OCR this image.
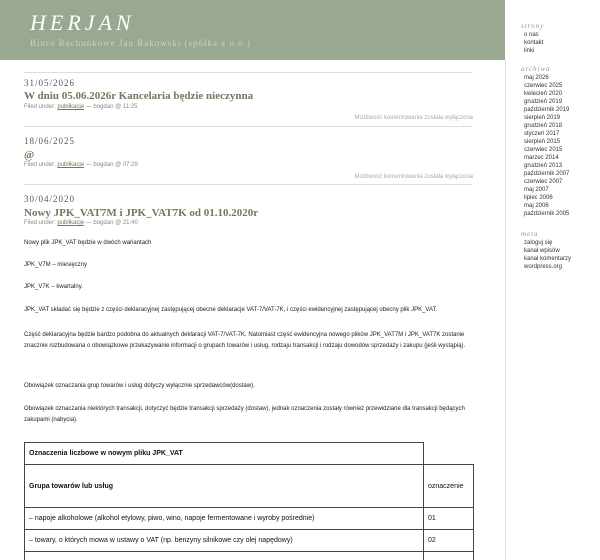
HERJAN
Biuro Rachunkowe Jan Rakowski (spółka z o.o.)
31/05/2026
W dniu 05.06.2026r Kancelaria będzie nieczynna
Filed under: publikacje — bogdan @ 11:25
Możliwość komentowania została wyłączona
18/06/2025
@
Filed under: publikacje — bogdan @ 07:29
Możliwość komentowania została wyłączona
30/04/2020
Nowy JPK_VAT7M i JPK_VAT7K od 01.10.2020r
Filed under: publikacje — bogdan @ 21:40
Nowy plik JPK_VAT będzie w dwóch wariantach
JPK_V7M – miesięczny
JPK_V7K – kwartalny.
JPK_VAT składać się będzie z części deklaracyjnej zastępującej obecne deklaracje VAT-7/VAT-7K, i części ewidencyjnej zastępującej obecny plik JPK_VAT.
Część deklaracyjna będzie bardzo podobna do aktualnych deklaracji VAT-7/VAT-7K. Natomiast część ewidencyjna nowego plików JPK_VAT7M i JPK_VAT7K zostanie znacznie rozbudowana o obowiązkowe przekazywanie informacji o grupach towarów i usług, rodzaju transakcji i rodzaju dowodów sprzedaży i zakupu (jeśli wystąpią).
Obowiązek oznaczania grup towarów i usług dotyczy wyłącznie sprzedawców(dostaw).
Obowiązek oznaczania niektórych transakcji, dotyczyć będzie transakcji sprzedaży (dostaw), jednak oznaczenia zostały również przewidziane dla transakcji będących zakupami (nabycia).
Oznaczenia liczbowe w nowym pliku JPK_VAT	
Grupa towarów lub usług	oznaczenie
– napoje alkoholowe (alkohol etylowy, piwo, wino, napoje fermentowane i wyroby pośrednie)	01
– towary, o których mowa w ustawy o VAT (np. benzyny silnikowe czy olej napędowy)	02

strony
o nas
kontakt
linki
archiwa
maj 2026
czerwiec 2025
kwiecień 2020
grudzień 2019
październik 2019
sierpień 2019
grudzień 2018
styczeń 2017
sierpień 2015
czerwiec 2015
marzec 2014
grudzień 2013
październik 2007
czerwiec 2007
maj 2007
lipiec 2006
maj 2006
październik 2005
meta
zaloguj się
kanał wpisów
kanał komentarzy
wordpress.org
